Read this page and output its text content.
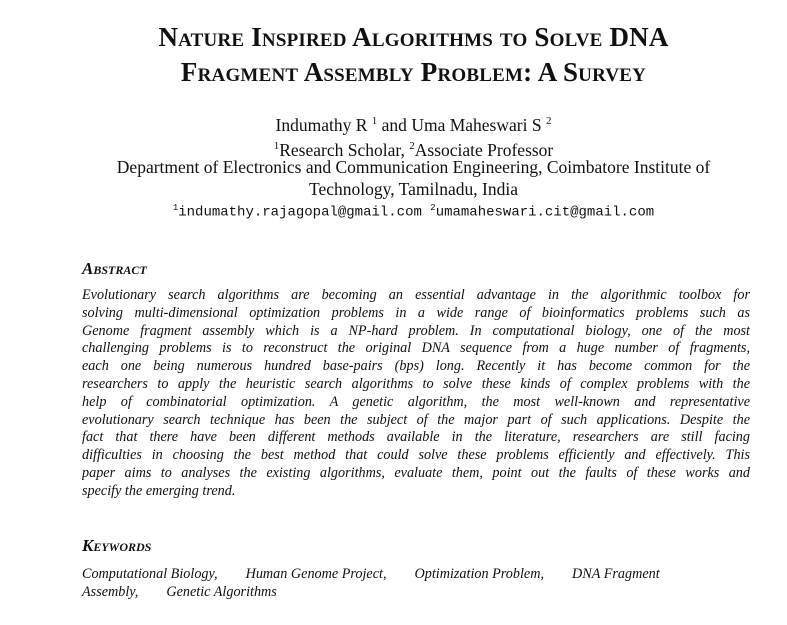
Nature Inspired Algorithms to Solve DNA
Fragment Assembly Problem: A Survey
Indumathy R $^1$ and Uma Maheswari S $^2$
$^1$Research Scholar, $^2$Associate Professor
Department of Electronics and Communication Engineering, Coimbatore Institute of
Technology, Tamilnadu, India
$^1$indumathy.rajagopal@gmail.com $^2$umamaheswari.cit@gmail.com
Abstract
Evolutionary search algorithms are becoming an essential advantage in the algorithmic toolbox for
solving multi-dimensional optimization problems in a wide range of bioinformatics problems such as
Genome fragment assembly which is a NP-hard problem. In computational biology, one of the most
challenging problems is to reconstruct the original DNA sequence from a huge number of fragments,
each one being numerous hundred base-pairs (bps) long. Recently it has become common for the
researchers to apply the heuristic search algorithms to solve these kinds of complex problems with the
help of combinatorial optimization. A genetic algorithm, the most well-known and representative
evolutionary search technique has been the subject of the major part of such applications. Despite the
fact that there have been different methods available in the literature, researchers are still facing
difficulties in choosing the best method that could solve these problems efficiently and effectively. This
paper aims to analyses the existing algorithms, evaluate them, point out the faults of these works and
specify the emerging trend.
Keywords
Computational Biology, Human Genome Project, Optimization Problem, DNA Fragment
Assembly, Genetic Algorithms
